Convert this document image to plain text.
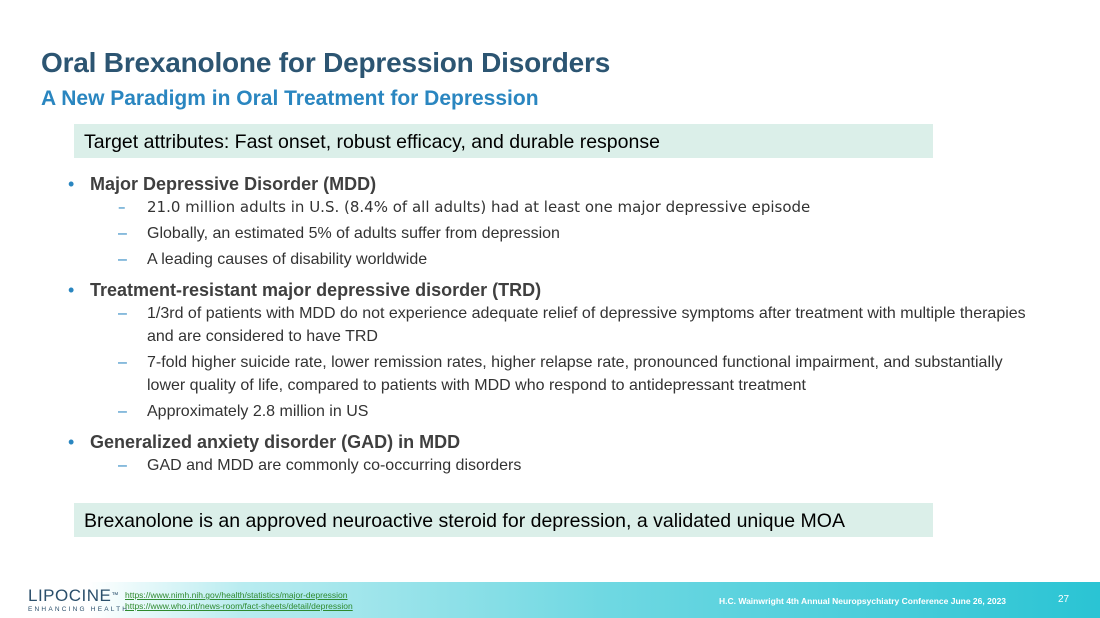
Oral Brexanolone for Depression Disorders
A New Paradigm in Oral Treatment for Depression
Target attributes: Fast onset, robust efficacy, and durable response
• Major Depressive Disorder (MDD)
– 21.0 million adults in U.S. (8.4% of all adults) had at least one major depressive episode
– Globally, an estimated 5% of adults suffer from depression
– A leading causes of disability worldwide
• Treatment-resistant major depressive disorder (TRD)
– 1/3rd of patients with MDD do not experience adequate relief of depressive symptoms after treatment with multiple therapies and are considered to have TRD
– 7-fold higher suicide rate, lower remission rates, higher relapse rate, pronounced functional impairment, and substantially lower quality of life, compared to patients with MDD who respond to antidepressant treatment
– Approximately 2.8 million in US
• Generalized anxiety disorder (GAD) in MDD
– GAD and MDD are commonly co-occurring disorders
Brexanolone is an approved neuroactive steroid for depression, a validated unique MOA
LIPOCINE™
ENHANCING HEALTH
https://www.nimh.nih.gov/health/statistics/major-depression
https://www.who.int/news-room/fact-sheets/detail/depression	H.C. Wainwright 4th Annual Neuropsychiatry Conference June 26, 2023	27
